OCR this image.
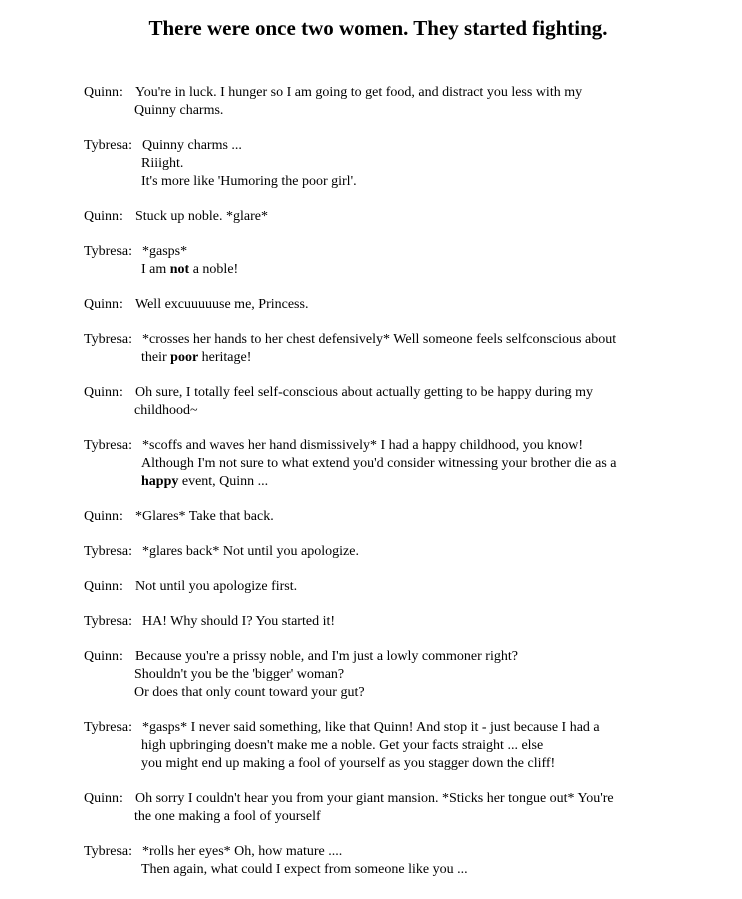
There were once two women. They started fighting.
Quinn: You're in luck. I hunger so I am going to get food, and distract you less with my
Quinny charms.
Tybresa: Quinny charms ...
Riiight.
It's more like 'Humoring the poor girl'.
Quinn: Stuck up noble. *glare*
Tybresa: *gasps*
I am not a noble!
Quinn: Well excuuuuuse me, Princess.
Tybresa: *crosses her hands to her chest defensively* Well someone feels selfconscious about
their poor heritage!
Quinn: Oh sure, I totally feel self-conscious about actually getting to be happy during my
childhood~
Tybresa: *scoffs and waves her hand dismissively* I had a happy childhood, you know!
Although I'm not sure to what extend you'd consider witnessing your brother die as a
happy event, Quinn ...
Quinn: *Glares* Take that back.
Tybresa: *glares back* Not until you apologize.
Quinn: Not until you apologize first.
Tybresa: HA! Why should I? You started it!
Quinn: Because you're a prissy noble, and I'm just a lowly commoner right?
Shouldn't you be the 'bigger' woman?
Or does that only count toward your gut?
Tybresa: *gasps* I never said something, like that Quinn! And stop it - just because I had a
high upbringing doesn't make me a noble. Get your facts straight ... else
you might end up making a fool of yourself as you stagger down the cliff!
Quinn: Oh sorry I couldn't hear you from your giant mansion. *Sticks her tongue out* You're
the one making a fool of yourself
Tybresa: *rolls her eyes* Oh, how mature ....
Then again, what could I expect from someone like you ...
